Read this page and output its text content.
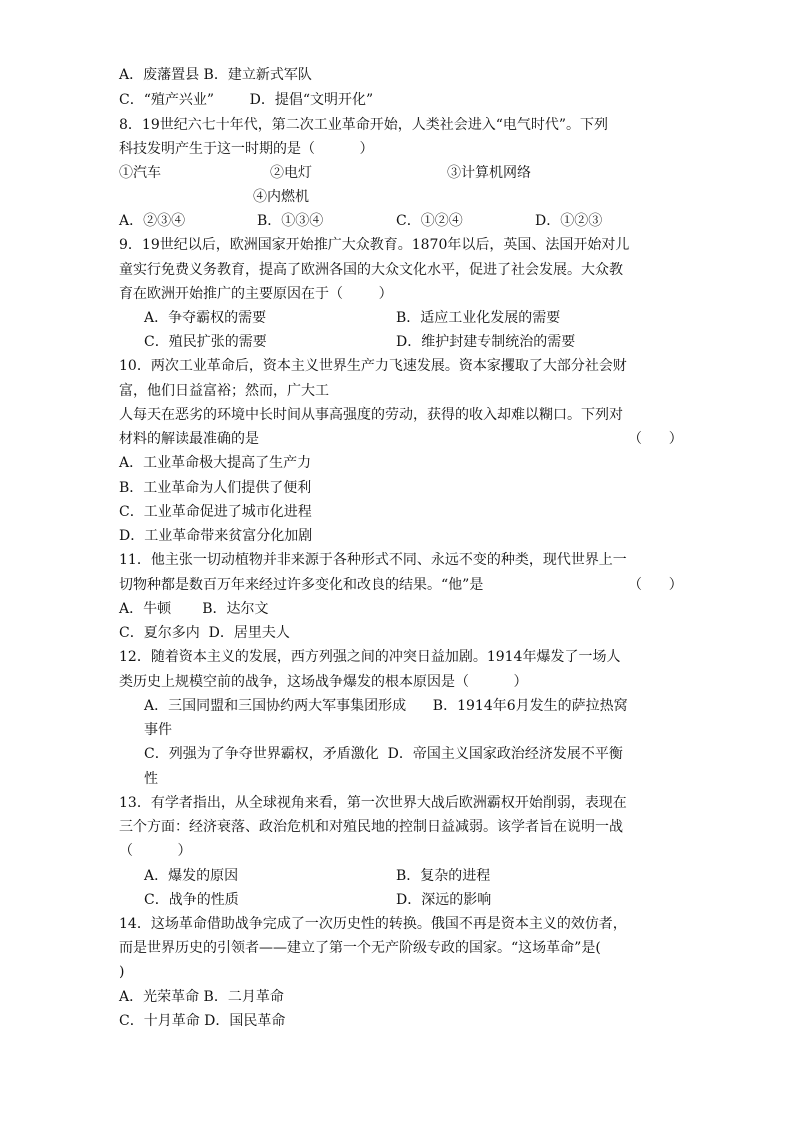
A．废藩置县 B．建立新式军队
C．“殖产兴业”        D．提倡“文明开化”
8．19世纪六七十年代，第二次工业革命开始，人类社会进入“电气时代”。下列
科技发明产生于这一时期的是（          ）
①汽车	②电灯	③计算机网络
④内燃机
A．②③④	B．①③④	C．①②④	D．①②③
9．19世纪以后，欧洲国家开始推广大众教育。1870年以后，英国、法国开始对儿
童实行免费义务教育，提高了欧洲各国的大众文化水平，促进了社会发展。大众教
育在欧洲开始推广的主要原因在于（        ）
A．争夺霸权的需要	B．适应工业化发展的需要
C．殖民扩张的需要	D．维护封建专制统治的需要
10．两次工业革命后，资本主义世界生产力飞速发展。资本家攫取了大部分社会财
富，他们日益富裕；然而，广大工
人每天在恶劣的环境中长时间从事高强度的劳动，获得的收入却难以糊口。下列对
材料的解读最准确的是	（      ）
A．工业革命极大提高了生产力
B．工业革命为人们提供了便利
C．工业革命促进了城市化进程
D．工业革命带来贫富分化加剧
11．他主张一切动植物并非来源于各种形式不同、永远不变的种类，现代世界上一
切物种都是数百万年来经过许多变化和改良的结果。“他”是	（      ）
A．牛顿       B．达尔文
C．夏尔多内  D．居里夫人
12．随着资本主义的发展，西方列强之间的冲突日益加剧。1914年爆发了一场人
类历史上规模空前的战争，这场战争爆发的根本原因是（          ）
A．三国同盟和三国协约两大军事集团形成      B．1914年6月发生的萨拉热窝
事件
C．列强为了争夺世界霸权，矛盾激化  D．帝国主义国家政治经济发展不平衡
性
13．有学者指出，从全球视角来看，第一次世界大战后欧洲霸权开始削弱，表现在
三个方面：经济衰落、政治危机和对殖民地的控制日益减弱。该学者旨在说明一战
（          ）
A．爆发的原因	B．复杂的进程
C．战争的性质	D．深远的影响
14．这场革命借助战争完成了一次历史性的转换。俄国不再是资本主义的效仿者，
而是世界历史的引领者——建立了第一个无产阶级专政的国家。“这场革命”是(
)
A．光荣革命 B．二月革命
C．十月革命 D．国民革命
